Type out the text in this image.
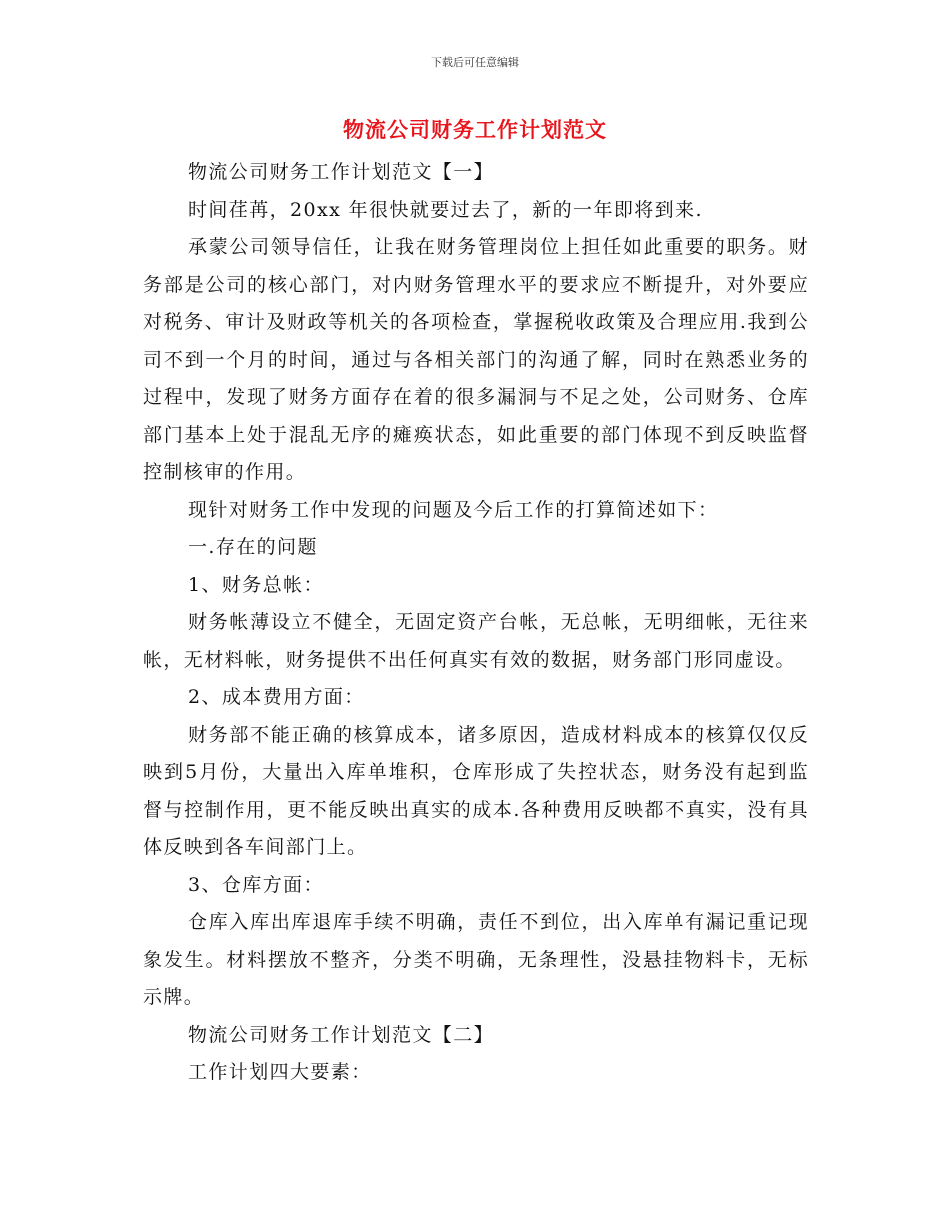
下载后可任意编辑
物流公司财务工作计划范文

物流公司财务工作计划范文【一】

时间荏苒，20xx 年很快就要过去了，新的一年即将到来.

承蒙公司领导信任，让我在财务管理岗位上担任如此重要的职务。财务部是公司的核心部门，对内财务管理水平的要求应不断提升，对外要应对税务、审计及财政等机关的各项检查，掌握税收政策及合理应用.我到公司不到一个月的时间，通过与各相关部门的沟通了解，同时在熟悉业务的过程中，发现了财务方面存在着的很多漏洞与不足之处，公司财务、仓库部门基本上处于混乱无序的瘫痪状态，如此重要的部门体现不到反映监督控制核审的作用。

现针对财务工作中发现的问题及今后工作的打算简述如下：

一.存在的问题

1、财务总帐：

财务帐薄设立不健全，无固定资产台帐，无总帐，无明细帐，无往来帐，无材料帐，财务提供不出任何真实有效的数据，财务部门形同虚设。

2、成本费用方面：

财务部不能正确的核算成本，诸多原因，造成材料成本的核算仅仅反映到5月份，大量出入库单堆积，仓库形成了失控状态，财务没有起到监督与控制作用，更不能反映出真实的成本.各种费用反映都不真实，没有具体反映到各车间部门上。

3、仓库方面：

仓库入库出库退库手续不明确，责任不到位，出入库单有漏记重记现象发生。材料摆放不整齐，分类不明确，无条理性，没悬挂物料卡，无标示牌。

物流公司财务工作计划范文【二】

工作计划四大要素：
